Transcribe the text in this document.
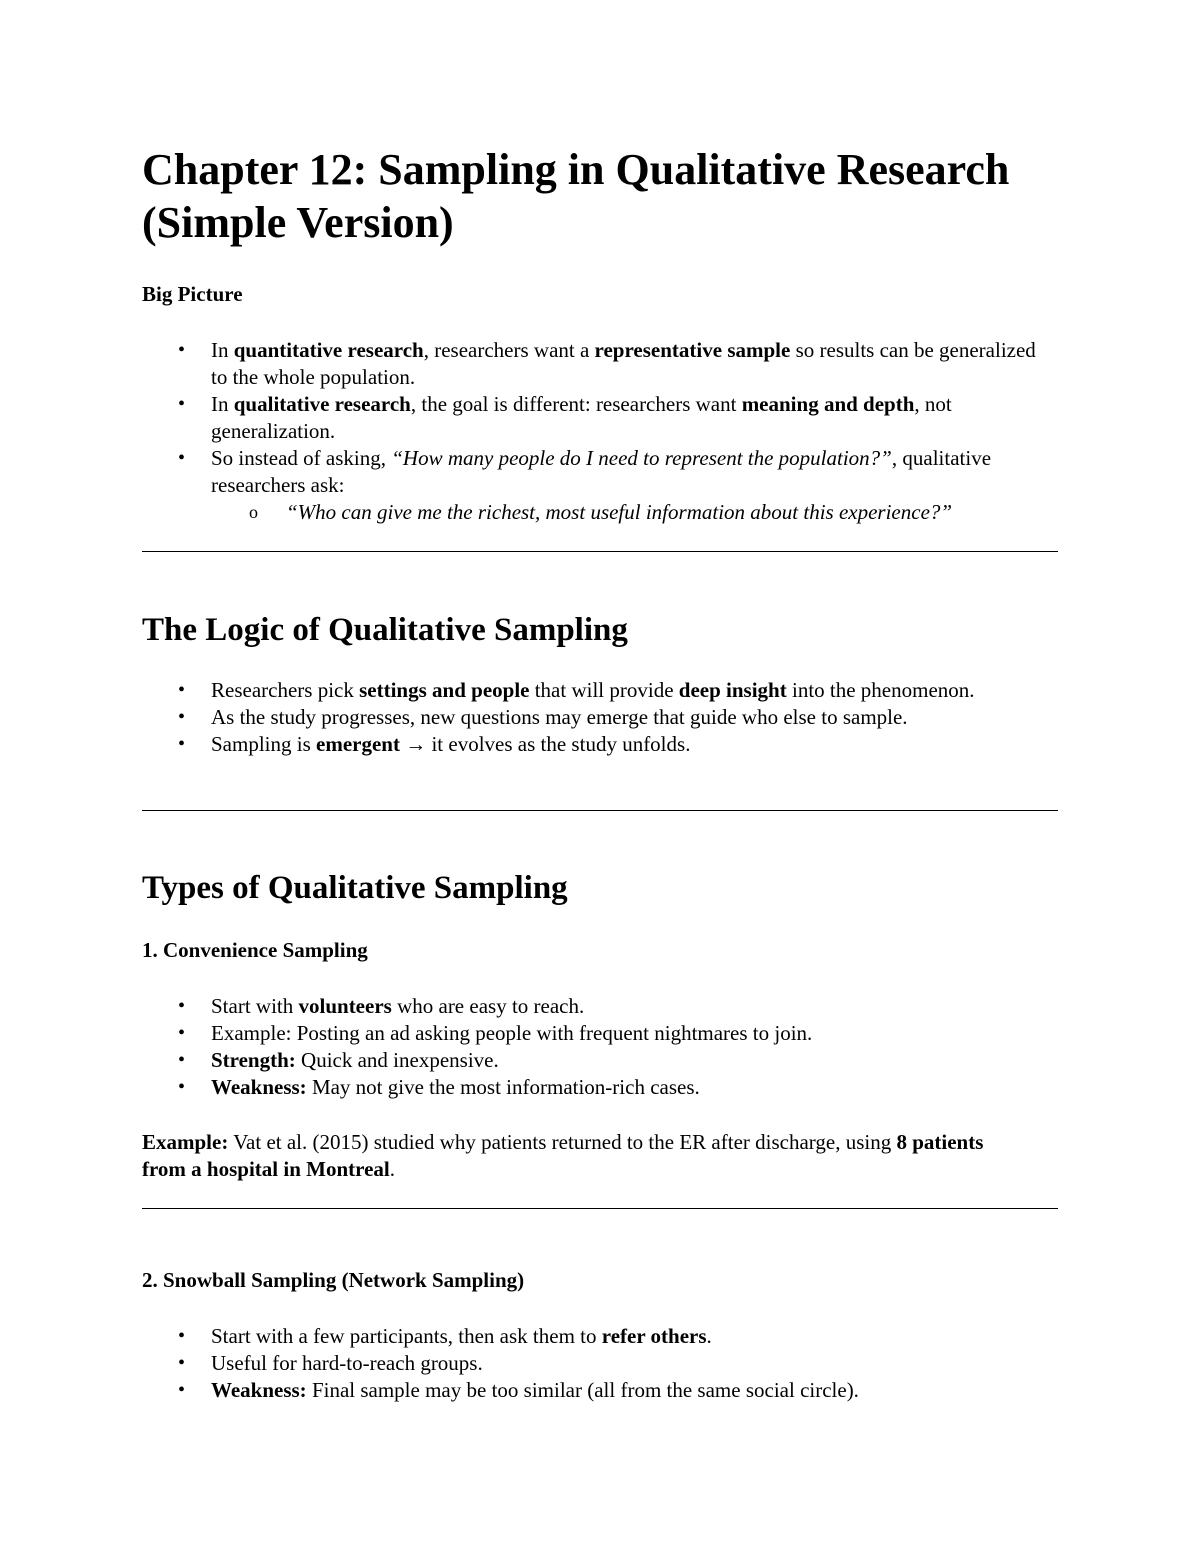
Chapter 12: Sampling in Qualitative Research (Simple Version)
Big Picture
• In quantitative research, researchers want a representative sample so results can be generalized to the whole population.
• In qualitative research, the goal is different: researchers want meaning and depth, not generalization.
• So instead of asking, “How many people do I need to represent the population?”, qualitative researchers ask:
o “Who can give me the richest, most useful information about this experience?”
The Logic of Qualitative Sampling
• Researchers pick settings and people that will provide deep insight into the phenomenon.
• As the study progresses, new questions may emerge that guide who else to sample.
• Sampling is emergent → it evolves as the study unfolds.
Types of Qualitative Sampling
1. Convenience Sampling
• Start with volunteers who are easy to reach.
• Example: Posting an ad asking people with frequent nightmares to join.
• Strength: Quick and inexpensive.
• Weakness: May not give the most information-rich cases.

Example: Vat et al. (2015) studied why patients returned to the ER after discharge, using 8 patients from a hospital in Montreal.

2. Snowball Sampling (Network Sampling)
• Start with a few participants, then ask them to refer others.
• Useful for hard-to-reach groups.
• Weakness: Final sample may be too similar (all from the same social circle).
